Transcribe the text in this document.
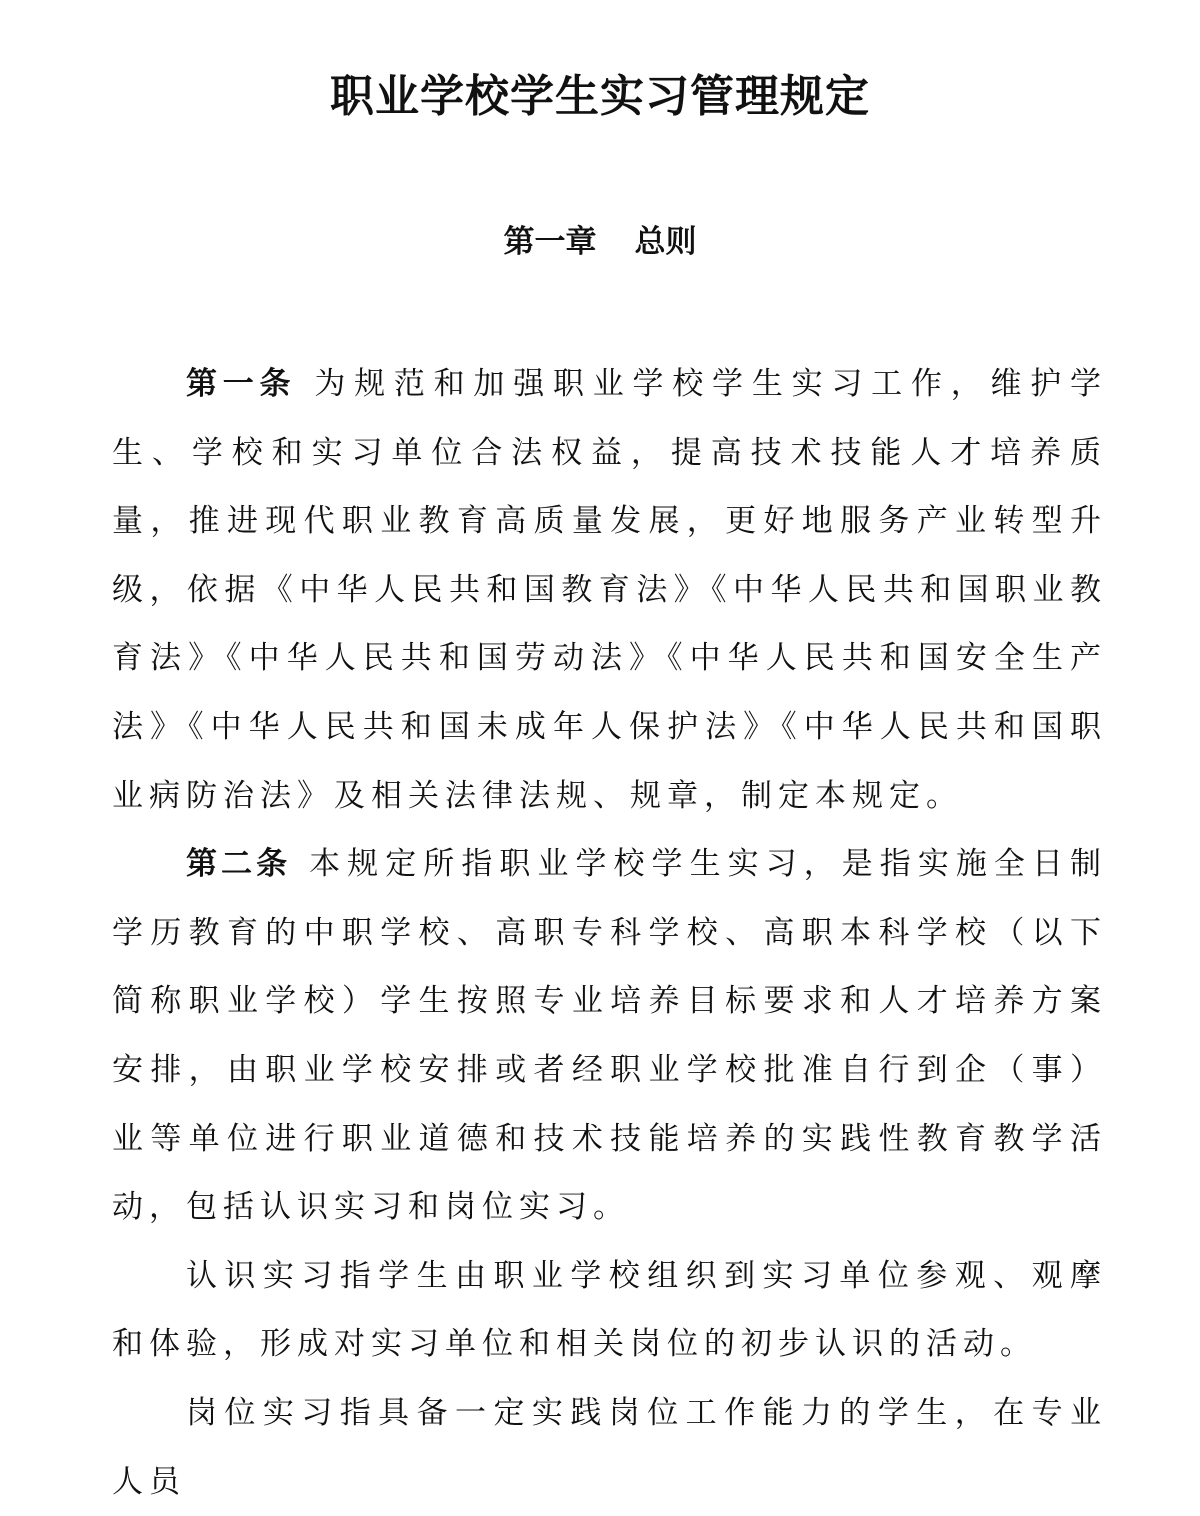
职业学校学生实习管理规定
第一章 总则

第一条 为规范和加强职业学校学生实习工作，维护学生、学校和实习单位合法权益，提高技术技能人才培养质量，推进现代职业教育高质量发展，更好地服务产业转型升级，依据《中华人民共和国教育法》《中华人民共和国职业教育法》《中华人民共和国劳动法》《中华人民共和国安全生产法》《中华人民共和国未成年人保护法》《中华人民共和国职业病防治法》及相关法律法规、规章，制定本规定。

第二条 本规定所指职业学校学生实习，是指实施全日制学历教育的中职学校、高职专科学校、高职本科学校（以下简称职业学校）学生按照专业培养目标要求和人才培养方案安排，由职业学校安排或者经职业学校批准自行到企（事）业等单位进行职业道德和技术技能培养的实践性教育教学活动，包括认识实习和岗位实习。

认识实习指学生由职业学校组织到实习单位参观、观摩和体验，形成对实习单位和相关岗位的初步认识的活动。

岗位实习指具备一定实践岗位工作能力的学生，在专业人员
